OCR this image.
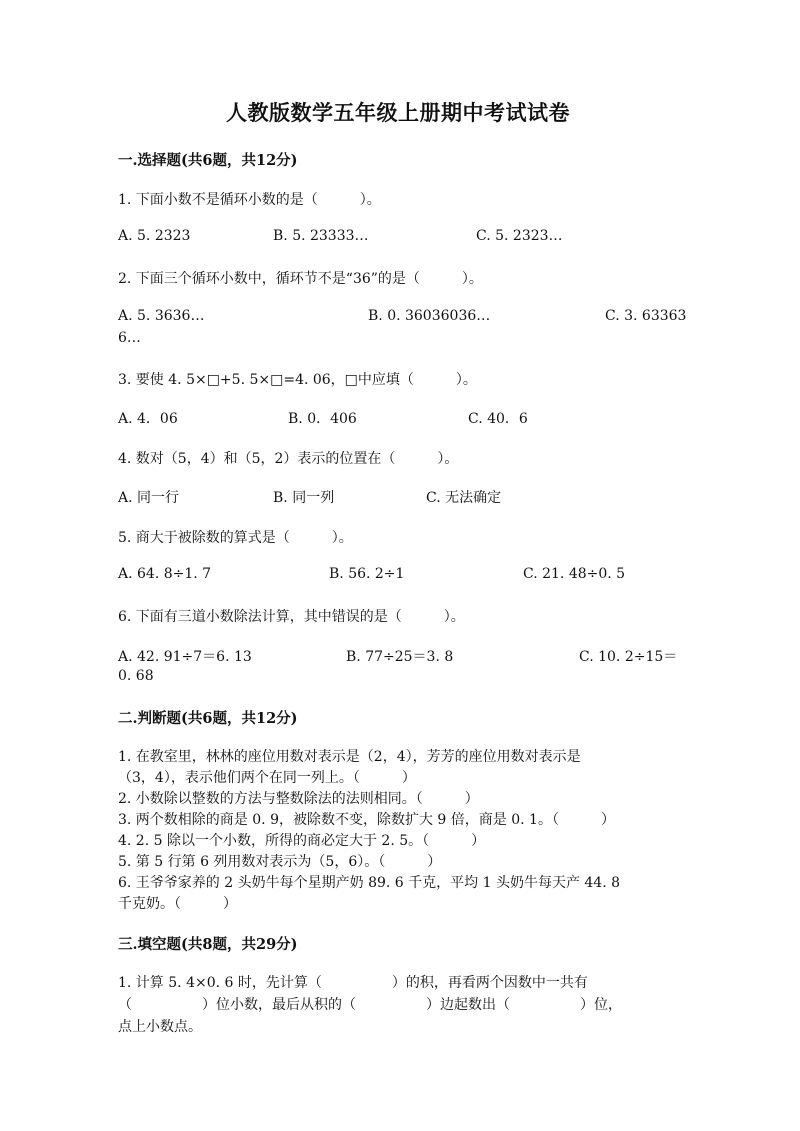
人教版数学五年级上册期中考试试卷
一.选择题(共6题，共12分)
1. 下面小数不是循环小数的是（　　　）。
A. 5. 2323	B. 5. 23333…	C. 5. 2323…
2. 下面三个循环小数中，循环节不是“36”的是（　　　）。
A. 5. 3636…	B. 0. 36036036…	C. 3. 63363
6…
3. 要使 4. 5×□+5. 5×□=4. 06，□中应填（　　　）。
A. 4．06	B. 0．406	C. 40．6
4. 数对（5，4）和（5，2）表示的位置在（　　　）。
A. 同一行	B. 同一列	C. 无法确定
5. 商大于被除数的算式是（　　　）。
A. 64. 8÷1. 7	B. 56. 2÷1	C. 21. 48÷0. 5
6. 下面有三道小数除法计算，其中错误的是（　　　）。
A. 42. 91÷7＝6. 13	B. 77÷25＝3. 8	C. 10. 2÷15＝
0. 68
二.判断题(共6题，共12分)
1. 在教室里，林林的座位用数对表示是（2，4），芳芳的座位用数对表示是
（3，4），表示他们两个在同一列上。（　　　）
2. 小数除以整数的方法与整数除法的法则相同。（　　　）
3. 两个数相除的商是 0. 9，被除数不变，除数扩大 9 倍，商是 0. 1。（　　　）
4. 2. 5 除以一个小数，所得的商必定大于 2. 5。（　　　）
5. 第 5 行第 6 列用数对表示为（5，6）。（　　　）
6. 王爷爷家养的 2 头奶牛每个星期产奶 89. 6 千克，平均 1 头奶牛每天产 44. 8
千克奶。（　　　）
三.填空题(共8题，共29分)
1. 计算 5. 4×0. 6 时，先计算（　　　　　）的积，再看两个因数中一共有
（　　　　　）位小数，最后从积的（　　　　　）边起数出（　　　　　）位，
点上小数点。
